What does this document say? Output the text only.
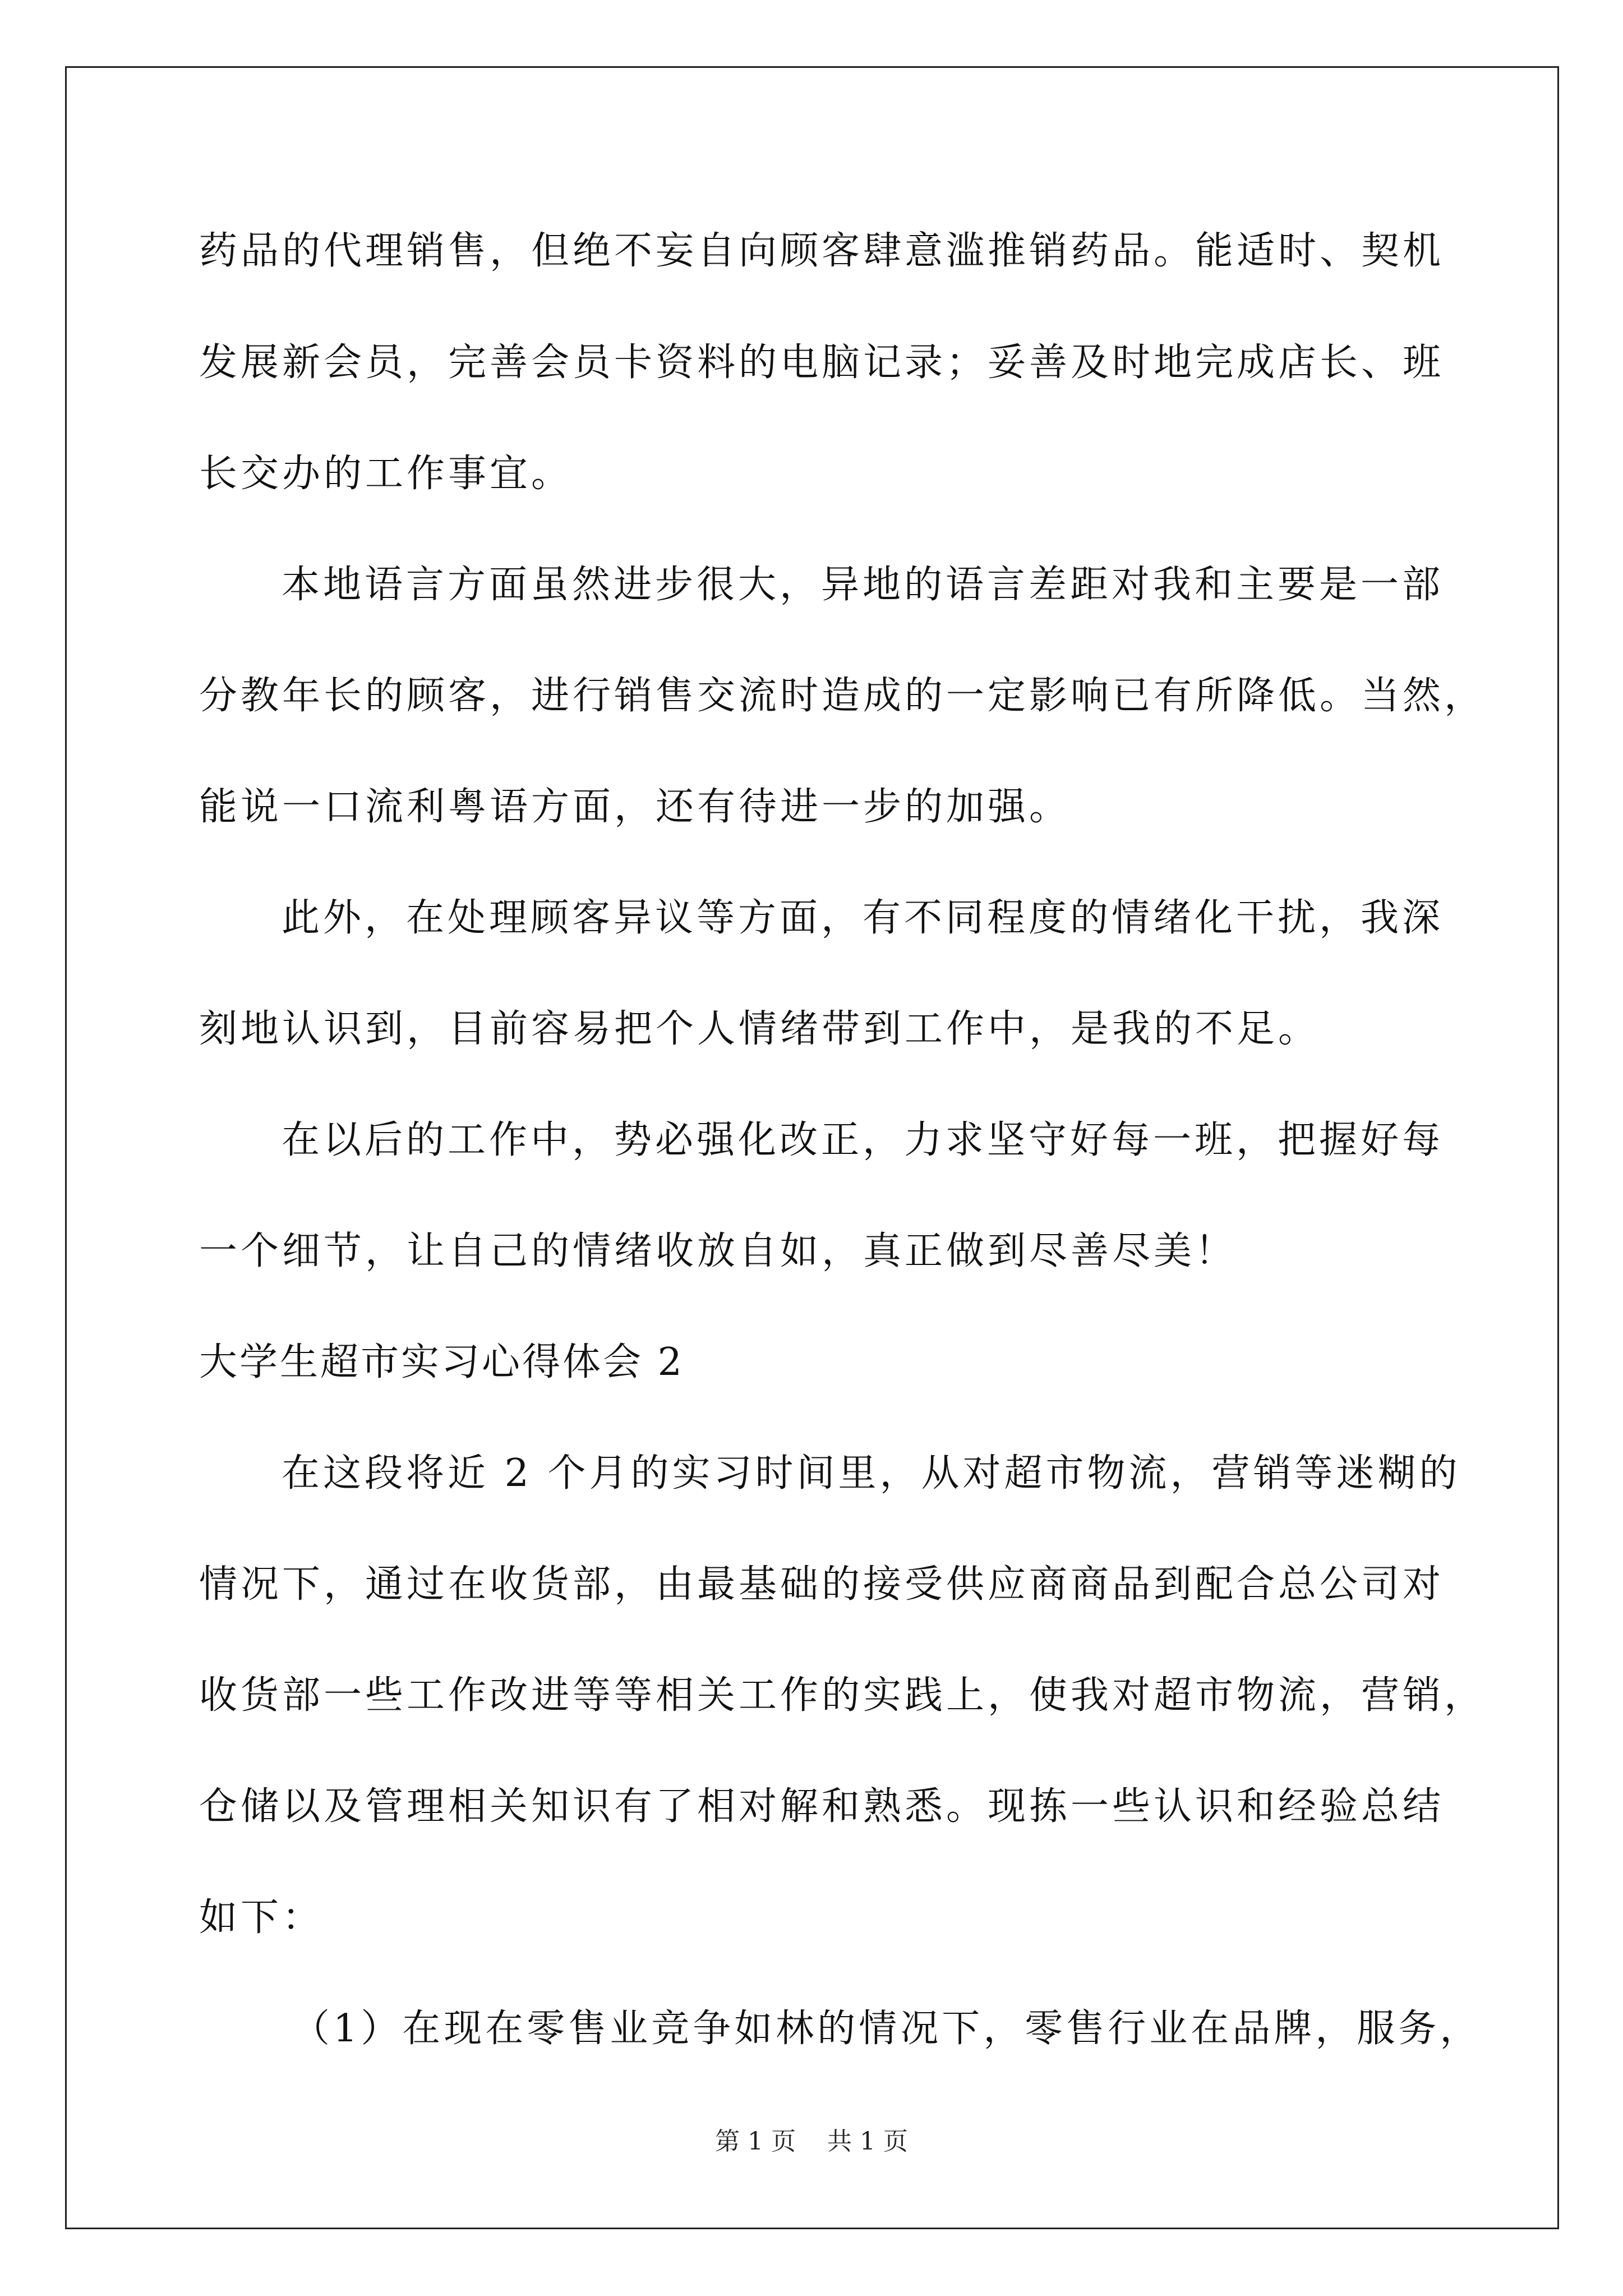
药品的代理销售，但绝不妄自向顾客肆意滥推销药品。能适时、契机
发展新会员，完善会员卡资料的电脑记录；妥善及时地完成店长、班
长交办的工作事宜。
本地语言方面虽然进步很大，异地的语言差距对我和主要是一部
分教年长的顾客，进行销售交流时造成的一定影响已有所降低。当然，
能说一口流利粤语方面，还有待进一步的加强。
此外，在处理顾客异议等方面，有不同程度的情绪化干扰，我深
刻地认识到，目前容易把个人情绪带到工作中，是我的不足。
在以后的工作中，势必强化改正，力求坚守好每一班，把握好每
一个细节，让自己的情绪收放自如，真正做到尽善尽美！
大学生超市实习心得体会 2
在这段将近 2 个月的实习时间里，从对超市物流，营销等迷糊的
情况下，通过在收货部，由最基础的接受供应商商品到配合总公司对
收货部一些工作改进等等相关工作的实践上，使我对超市物流，营销，
仓储以及管理相关知识有了相对解和熟悉。现拣一些认识和经验总结
如下：
（1）在现在零售业竞争如林的情况下，零售行业在品牌，服务，
第 1 页    共 1 页
